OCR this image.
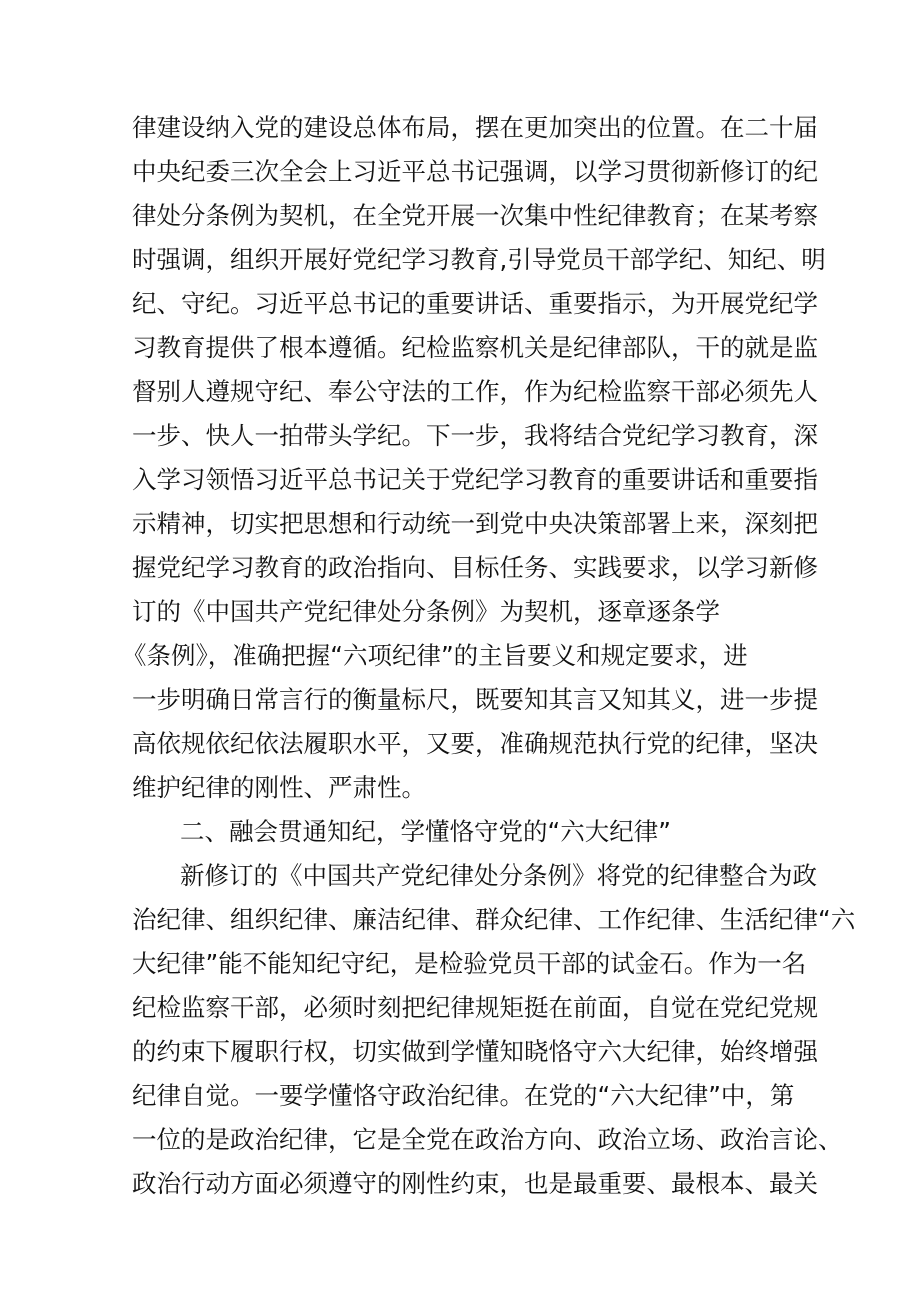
律建设纳入党的建设总体布局，摆在更加突出的位置。在二十届
中央纪委三次全会上习近平总书记强调，以学习贯彻新修订的纪
律处分条例为契机，在全党开展一次集中性纪律教育；在某考察
时强调，组织开展好党纪学习教育,引导党员干部学纪、知纪、明
纪、守纪。习近平总书记的重要讲话、重要指示，为开展党纪学
习教育提供了根本遵循。纪检监察机关是纪律部队，干的就是监
督别人遵规守纪、奉公守法的工作，作为纪检监察干部必须先人
一步、快人一拍带头学纪。下一步，我将结合党纪学习教育，深
入学习领悟习近平总书记关于党纪学习教育的重要讲话和重要指
示精神，切实把思想和行动统一到党中央决策部署上来，深刻把
握党纪学习教育的政治指向、目标任务、实践要求，以学习新修
订的《中国共产党纪律处分条例》为契机，逐章逐条学
《条例》，准确把握“六项纪律”的主旨要义和规定要求，进
一步明确日常言行的衡量标尺，既要知其言又知其义，进一步提
高依规依纪依法履职水平，又要，准确规范执行党的纪律，坚决
维护纪律的刚性、严肃性。
二、融会贯通知纪，学懂恪守党的“六大纪律”
新修订的《中国共产党纪律处分条例》将党的纪律整合为政
治纪律、组织纪律、廉洁纪律、群众纪律、工作纪律、生活纪律“六
大纪律”能不能知纪守纪，是检验党员干部的试金石。作为一名
纪检监察干部，必须时刻把纪律规矩挺在前面，自觉在党纪党规
的约束下履职行权，切实做到学懂知晓恪守六大纪律，始终增强
纪律自觉。一要学懂恪守政治纪律。在党的“六大纪律”中，第
一位的是政治纪律，它是全党在政治方向、政治立场、政治言论、
政治行动方面必须遵守的刚性约束，也是最重要、最根本、最关
